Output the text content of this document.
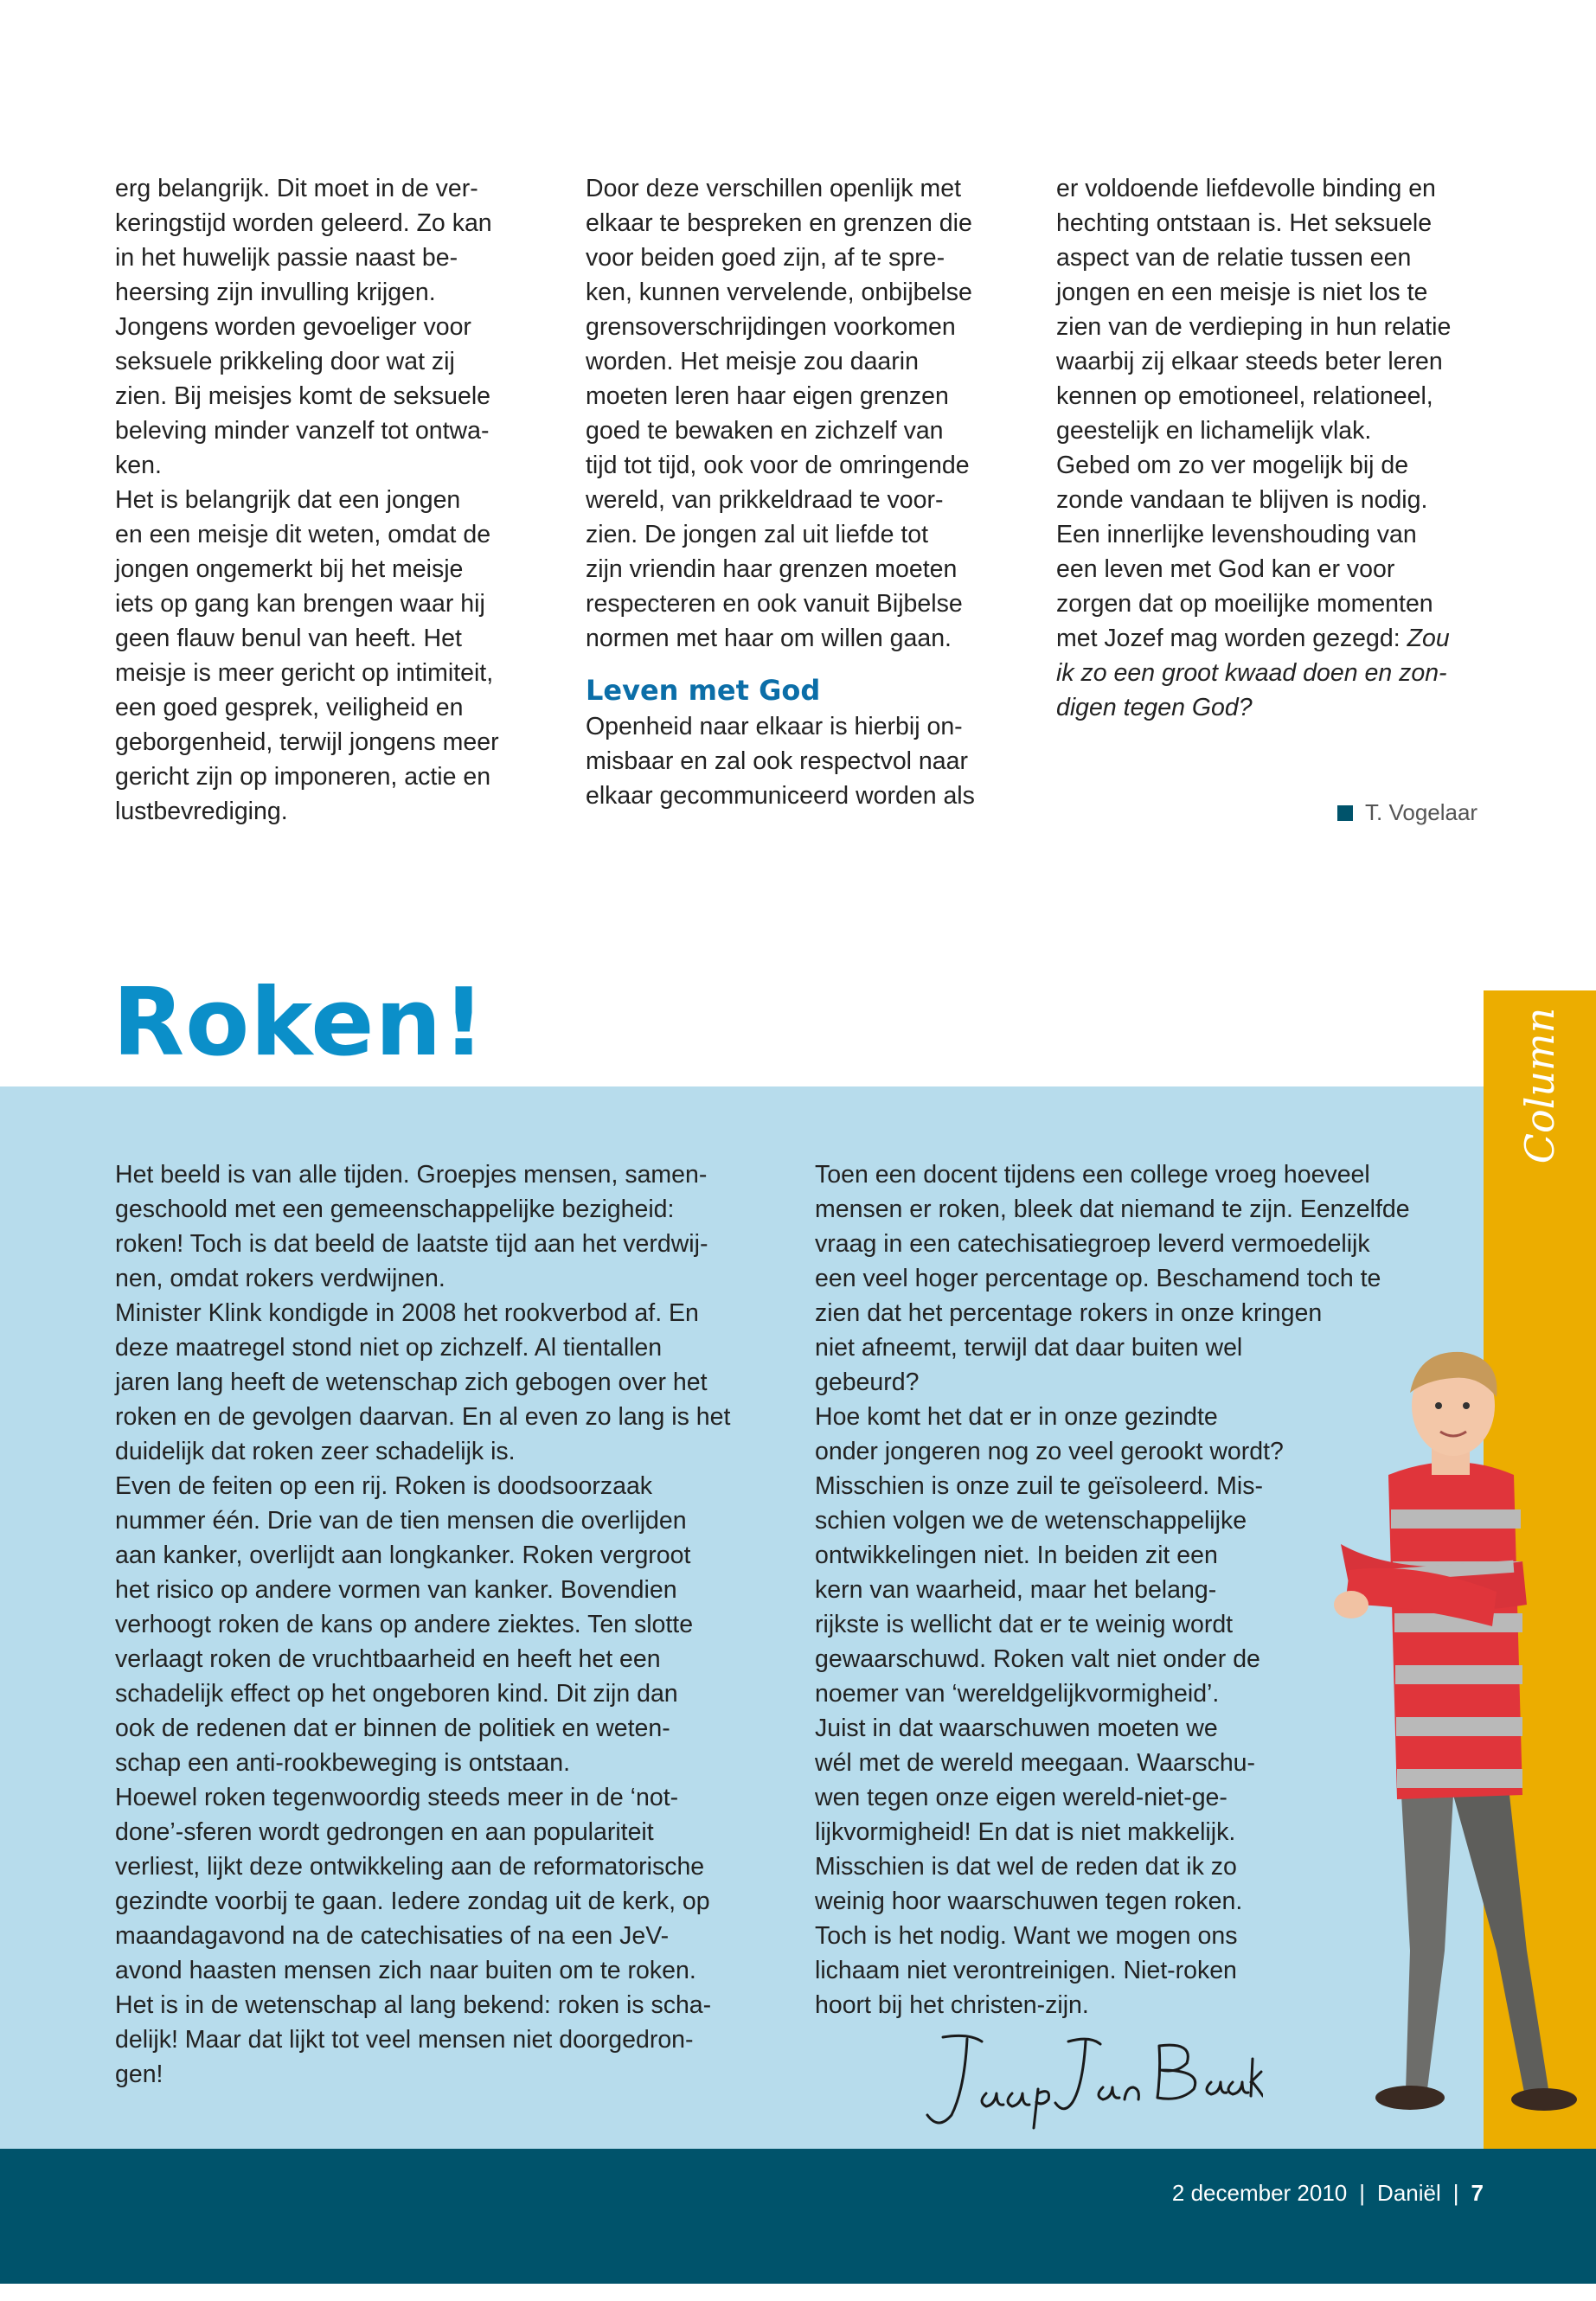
erg belangrijk. Dit moet in de ver-

keringstijd worden geleerd. Zo kan

in het huwelijk passie naast be-

heersing zijn invulling krijgen.

Jongens worden gevoeliger voor

seksuele prikkeling door wat zij

zien. Bij meisjes komt de seksuele

beleving minder vanzelf tot ontwa-

ken.

Het is belangrijk dat een jongen

en een meisje dit weten, omdat de

jongen ongemerkt bij het meisje

iets op gang kan brengen waar hij

geen flauw benul van heeft. Het

meisje is meer gericht op intimiteit,

een goed gesprek, veiligheid en

geborgenheid, terwijl jongens meer

gericht zijn op imponeren, actie en

lustbevrediging.

Door deze verschillen openlijk met

elkaar te bespreken en grenzen die

voor beiden goed zijn, af te spre-

ken, kunnen vervelende, onbijbelse

grensoverschrijdingen voorkomen

worden. Het meisje zou daarin

moeten leren haar eigen grenzen

goed te bewaken en zichzelf van

tijd tot tijd, ook voor de omringende

wereld, van prikkeldraad te voor-

zien. De jongen zal uit liefde tot

zijn vriendin haar grenzen moeten

respecteren en ook vanuit Bijbelse

normen met haar om willen gaan.

Leven met God

Openheid naar elkaar is hierbij on-

misbaar en zal ook respectvol naar

elkaar gecommuniceerd worden als

er voldoende liefdevolle binding en

hechting ontstaan is. Het seksuele

aspect van de relatie tussen een

jongen en een meisje is niet los te

zien van de verdieping in hun relatie

waarbij zij elkaar steeds beter leren

kennen op emotioneel, relationeel,

geestelijk en lichamelijk vlak.

Gebed om zo ver mogelijk bij de

zonde vandaan te blijven is nodig.

Een innerlijke levenshouding van

een leven met God kan er voor

zorgen dat op moeilijke momenten

met Jozef mag worden gezegd: Zou

ik zo een groot kwaad doen en zon-

digen tegen God?

T. Vogelaar
Column
Roken!

Het beeld is van alle tijden. Groepjes mensen, samen-

geschoold met een gemeenschappelijke bezigheid:

roken! Toch is dat beeld de laatste tijd aan het verdwij-

nen, omdat rokers verdwijnen.

Minister Klink kondigde in 2008 het rookverbod af. En

deze maatregel stond niet op zichzelf. Al tientallen

jaren lang heeft de wetenschap zich gebogen over het

roken en de gevolgen daarvan. En al even zo lang is het

duidelijk dat roken zeer schadelijk is.

Even de feiten op een rij. Roken is doodsoorzaak

nummer één. Drie van de tien mensen die overlijden

aan kanker, overlijdt aan longkanker. Roken vergroot

het risico op andere vormen van kanker. Bovendien

verhoogt roken de kans op andere ziektes. Ten slotte

verlaagt roken de vruchtbaarheid en heeft het een

schadelijk effect op het ongeboren kind. Dit zijn dan

ook de redenen dat er binnen de politiek en weten-

schap een anti-rookbeweging is ontstaan.

Hoewel roken tegenwoordig steeds meer in de ‘not-

done’-sferen wordt gedrongen en aan populariteit

verliest, lijkt deze ontwikkeling aan de reformatorische

gezindte voorbij te gaan. Iedere zondag uit de kerk, op

maandagavond na de catechisaties of na een JeV-

avond haasten mensen zich naar buiten om te roken.

Het is in de wetenschap al lang bekend: roken is scha-

delijk! Maar dat lijkt tot veel mensen niet doorgedron-

gen!

Toen een docent tijdens een college vroeg hoeveel

mensen er roken, bleek dat niemand te zijn. Eenzelfde

vraag in een catechisatiegroep leverd vermoedelijk

een veel hoger percentage op. Beschamend toch te

zien dat het percentage rokers in onze kringen

niet afneemt, terwijl dat daar buiten wel

gebeurd?

Hoe komt het dat er in onze gezindte

onder jongeren nog zo veel gerookt wordt?

Misschien is onze zuil te geïsoleerd. Mis-

schien volgen we de wetenschappelijke

ontwikkelingen niet. In beiden zit een

kern van waarheid, maar het belang-

rijkste is wellicht dat er te weinig wordt

gewaarschuwd. Roken valt niet onder de

noemer van ‘wereldgelijkvormigheid’.

Juist in dat waarschuwen moeten we

wél met de wereld meegaan. Waarschu-

wen tegen onze eigen wereld-niet-ge-

lijkvormigheid! En dat is niet makkelijk.

Misschien is dat wel de reden dat ik zo

weinig hoor waarschuwen tegen roken.

Toch is het nodig. Want we mogen ons

lichaam niet verontreinigen. Niet-roken

hoort bij het christen-zijn.

2 december 2010 | Daniël | 7
